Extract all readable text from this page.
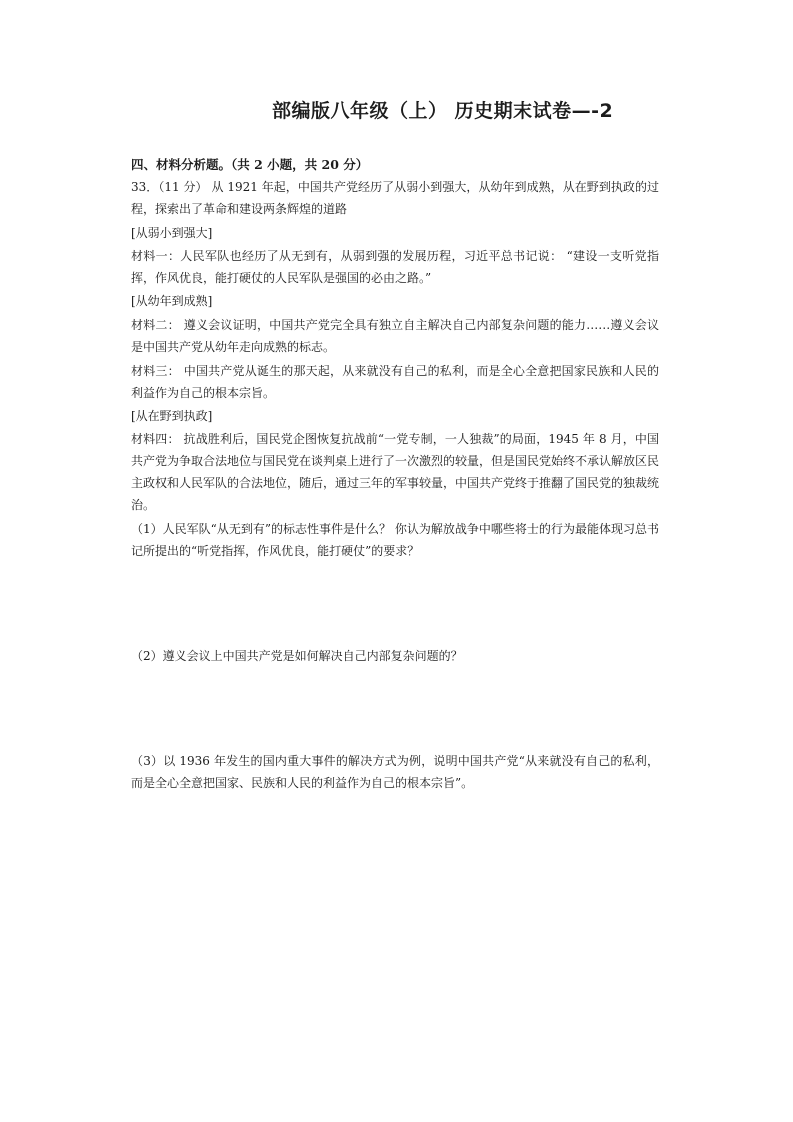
部编版八年级（上） 历史期末试卷—-2
四、材料分析题。（共 2 小题，共 20 分）
33．（11 分） 从 1921 年起，中国共产党经历了从弱小到强大，从幼年到成熟，从在野到执政的过程，探索出了革命和建设两条辉煌的道路
[从弱小到强大]
材料一：人民军队也经历了从无到有，从弱到强的发展历程，习近平总书记说： “建设一支听党指挥，作风优良，能打硬仗的人民军队是强国的必由之路。”
[从幼年到成熟]
材料二： 遵义会议证明，中国共产党完全具有独立自主解决自己内部复杂问题的能力……遵义会议是中国共产党从幼年走向成熟的标志。
材料三： 中国共产党从诞生的那天起，从来就没有自己的私利，而是全心全意把国家民族和人民的利益作为自己的根本宗旨。
[从在野到执政]
材料四： 抗战胜利后，国民党企图恢复抗战前“一党专制，一人独裁”的局面，1945 年 8 月，中国共产党为争取合法地位与国民党在谈判桌上进行了一次激烈的较量，但是国民党始终不承认解放区民主政权和人民军队的合法地位，随后，通过三年的军事较量，中国共产党终于推翻了国民党的独裁统治。
（1）人民军队“从无到有”的标志性事件是什么？ 你认为解放战争中哪些将士的行为最能体现习总书记所提出的“听党指挥，作风优良，能打硬仗”的要求？
（2）遵义会议上中国共产党是如何解决自己内部复杂问题的？
（3）以 1936 年发生的国内重大事件的解决方式为例，说明中国共产党“从来就没有自己的私利，而是全心全意把国家、民族和人民的利益作为自己的根本宗旨”。
